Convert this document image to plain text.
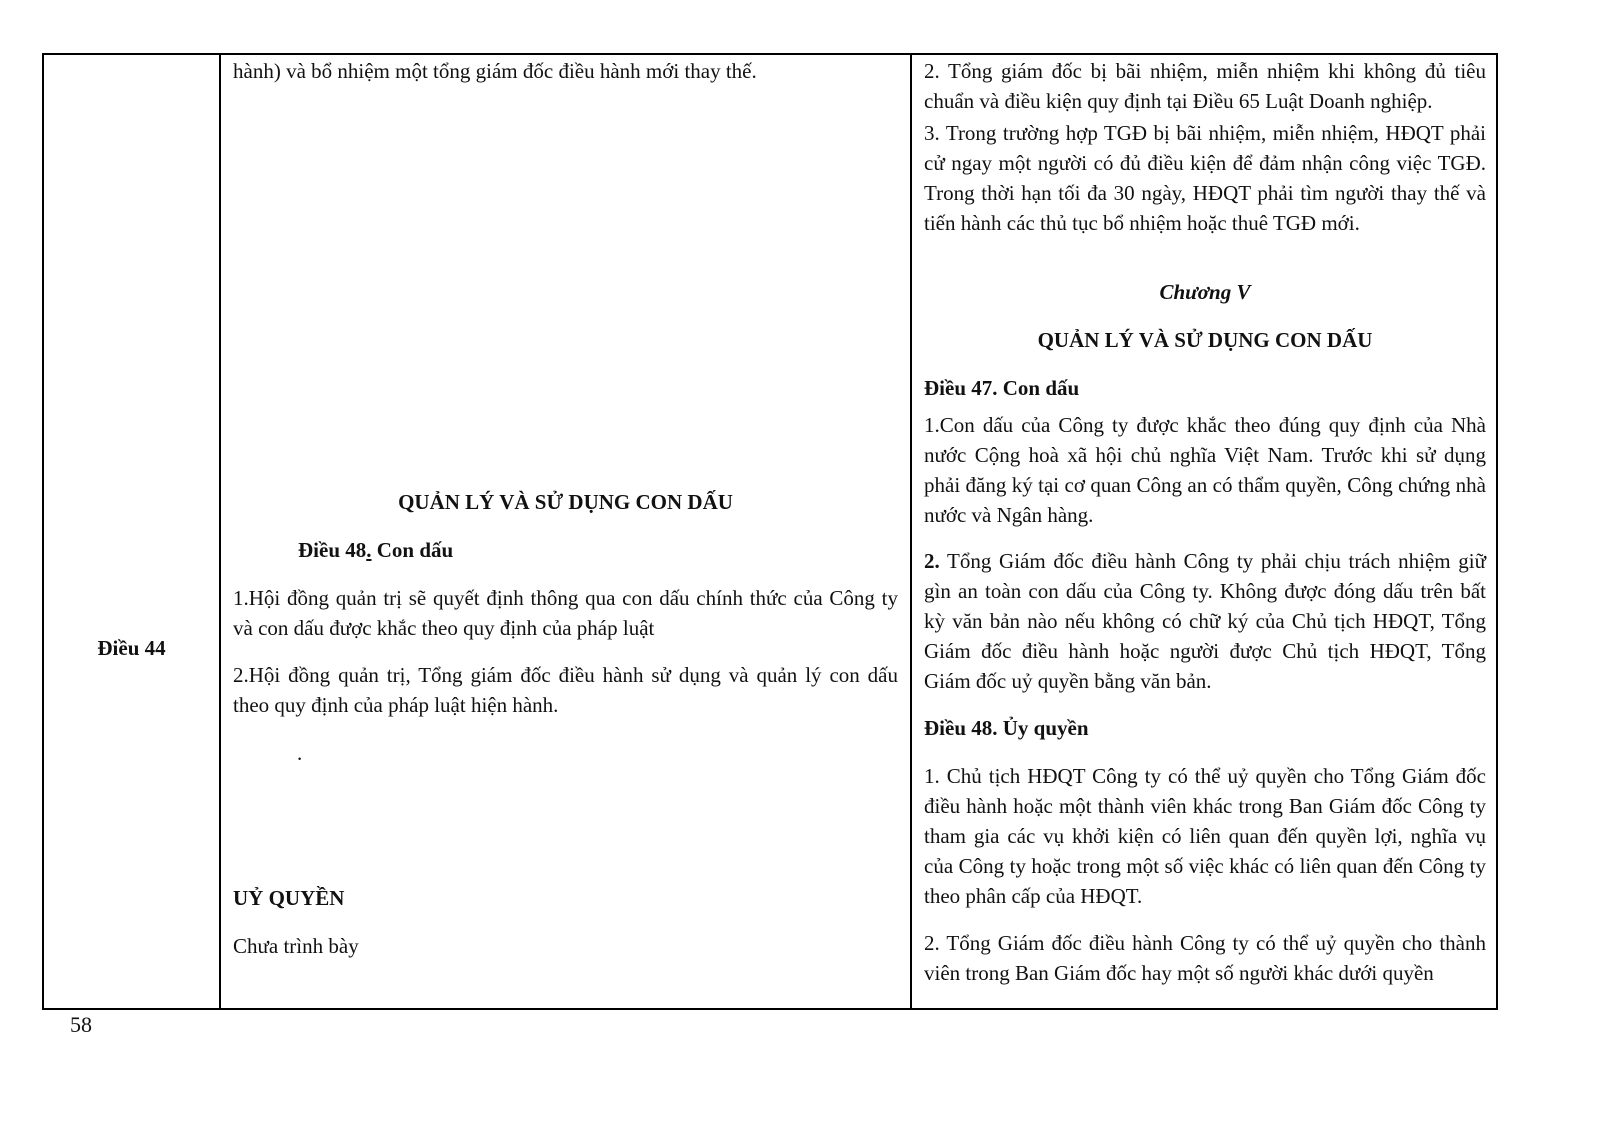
Điều 44

hành) và bổ nhiệm một tổng giám đốc điều hành mới thay thế.

QUẢN LÝ VÀ SỬ DỤNG CON DẤU

Điều 48. Con dấu

1.Hội đồng quản trị sẽ quyết định thông qua con dấu chính thức của Công ty và con dấu được khắc theo quy định của pháp luật

2.Hội đồng quản trị, Tổng giám đốc điều hành sử dụng và quản lý con dấu theo quy định của pháp luật hiện hành.

.

UỶ QUYỀN

Chưa trình bày

2. Tổng giám đốc bị bãi nhiệm, miễn nhiệm khi không đủ tiêu chuẩn và điều kiện quy định tại Điều 65 Luật Doanh nghiệp.

3. Trong trường hợp TGĐ bị bãi nhiệm, miễn nhiệm, HĐQT phải cử ngay một người có đủ điều kiện để đảm nhận công việc TGĐ. Trong thời hạn tối đa 30 ngày, HĐQT phải tìm người thay thế và tiến hành các thủ tục bổ nhiệm hoặc thuê TGĐ mới.

Chương V

QUẢN LÝ VÀ SỬ DỤNG CON DẤU

Điều 47. Con dấu

1.Con dấu của Công ty được khắc theo đúng quy định của Nhà nước Cộng hoà xã hội chủ nghĩa Việt Nam. Trước khi sử dụng phải đăng ký tại cơ quan Công an có thẩm quyền, Công chứng nhà nước và Ngân hàng.

2. Tổng Giám đốc điều hành Công ty phải chịu trách nhiệm giữ gìn an toàn con dấu của Công ty. Không được đóng dấu trên bất kỳ văn bản nào nếu không có chữ ký của Chủ tịch HĐQT, Tổng Giám đốc điều hành hoặc người được Chủ tịch HĐQT, Tổng Giám đốc uỷ quyền bằng văn bản.

Điều 48. Ủy quyền

1. Chủ tịch HĐQT Công ty có thể uỷ quyền cho Tổng Giám đốc điều hành hoặc một thành viên khác trong Ban Giám đốc Công ty tham gia các vụ khởi kiện có liên quan đến quyền lợi, nghĩa vụ của Công ty hoặc trong một số việc khác có liên quan đến Công ty theo phân cấp của HĐQT.

2. Tổng Giám đốc điều hành Công ty có thể uỷ quyền cho thành viên trong Ban Giám đốc hay một số người khác dưới quyền

58
